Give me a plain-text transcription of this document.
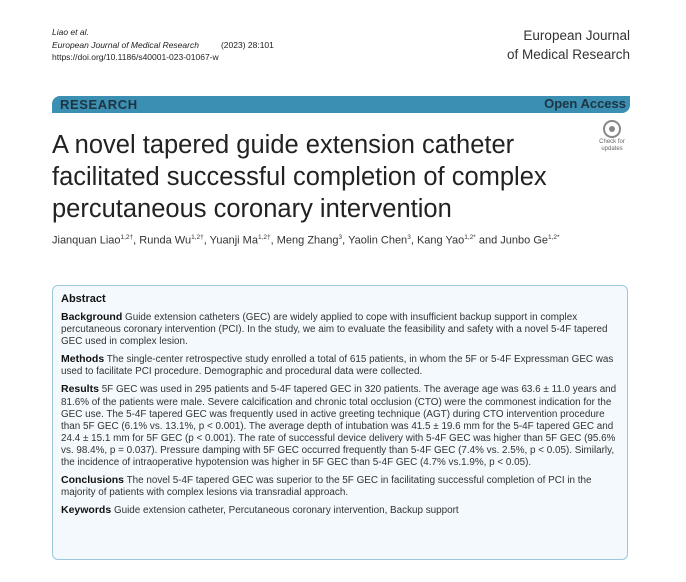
Liao et al.
European Journal of Medical Research	(2023) 28:101
https://doi.org/10.1186/s40001-023-01067-w
European Journal
of Medical Research
RESEARCH	Open Access
A novel tapered guide extension catheter facilitated successful completion of complex percutaneous coronary intervention
Check for
updates
Jianquan Liao$^{1,2\dagger}$, Runda $Wu^{1,2\dagger}$, Yuanji $Ma^{1,2\dagger}$, Meng Zhang$^3$, Yaolin Chen$^3$, Kang Yao$^{1,2*}$ and Junbo $Ge^{1,2*}$
Abstract

Background Guide extension catheters (GEC) are widely applied to cope with insufficient backup support in complex percutaneous coronary intervention (PCI). In the study, we aim to evaluate the feasibility and safety with a novel 5-4F tapered GEC used in complex lesion.

Methods The single-center retrospective study enrolled a total of 615 patients, in whom the 5F or 5-4F Expressman GEC was used to facilitate PCI procedure. Demographic and procedural data were collected.

Results 5F GEC was used in 295 patients and 5-4F tapered GEC in 320 patients. The average age was 63.6 ± 11.0 years and 81.6% of the patients were male. Severe calcification and chronic total occlusion (CTO) were the commonest indication for the GEC use. The 5-4F tapered GEC was frequently used in active greeting technique (AGT) during CTO intervention procedure than 5F GEC (6.1% vs. 13.1%, p < 0.001). The average depth of intubation was 41.5 ± 19.6 mm for the 5-4F tapered GEC and 24.4 ± 15.1 mm for 5F GEC (p < 0.001). The rate of successful device delivery with 5-4F GEC was higher than 5F GEC (95.6% vs. 98.4%, p = 0.037). Pressure damping with 5F GEC occurred frequently than 5-4F GEC (7.4% vs. 2.5%, p < 0.05). Similarly, the incidence of intraoperative hypotension was higher in 5F GEC than 5-4F GEC (4.7% vs.1.9%, p < 0.05).

Conclusions The novel 5-4F tapered GEC was superior to the 5F GEC in facilitating successful completion of PCI in the majority of patients with complex lesions via transradial approach.

Keywords Guide extension catheter, Percutaneous coronary intervention, Backup support
